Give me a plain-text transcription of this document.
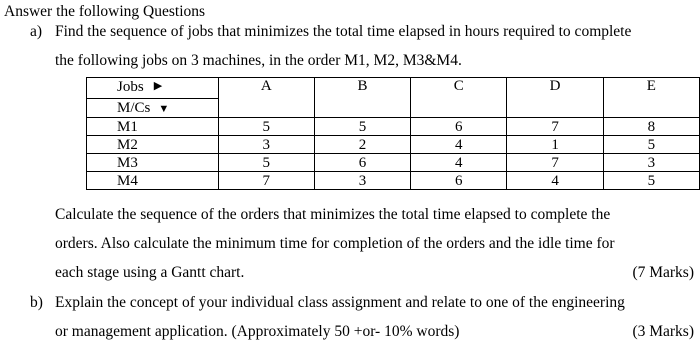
Answer the following Questions
a) Find the sequence of jobs that minimizes the total time elapsed in hours required to complete
the following jobs on 3 machines, in the order M1, M2, M3&M4.
Jobs ▶	A	B	C	D	E
M/Cs ▼					
M1	5	5	6	7	8
M2	3	2	4	1	5
M3	5	6	4	7	3
M4	7	3	6	4	5
Calculate the sequence of the orders that minimizes the total time elapsed to complete the
orders. Also calculate the minimum time for completion of the orders and the idle time for
each stage using a Gantt chart.	(7 Marks)
b) Explain the concept of your individual class assignment and relate to one of the engineering
or management application. (Approximately 50 +or- 10% words)	(3 Marks)
